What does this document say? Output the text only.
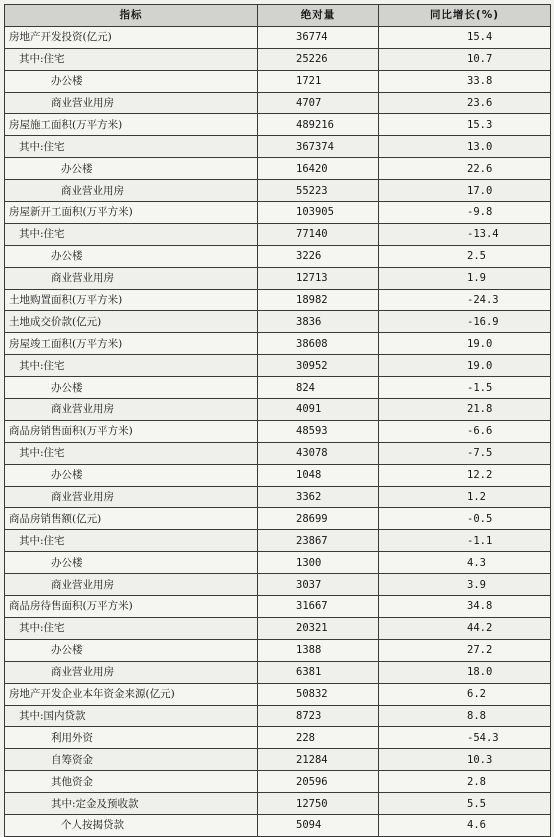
指标	绝对量	同比增长(%)
房地产开发投资(亿元)	36774	15.4
其中:住宅	25226	10.7
办公楼	1721	33.8
商业营业用房	4707	23.6
房屋施工面积(万平方米)	489216	15.3
其中:住宅	367374	13.0
办公楼	16420	22.6
商业营业用房	55223	17.0
房屋新开工面积(万平方米)	103905	-9.8
其中:住宅	77140	-13.4
办公楼	3226	2.5
商业营业用房	12713	1.9
土地购置面积(万平方米)	18982	-24.3
土地成交价款(亿元)	3836	-16.9
房屋竣工面积(万平方米)	38608	19.0
其中:住宅	30952	19.0
办公楼	824	-1.5
商业营业用房	4091	21.8
商品房销售面积(万平方米)	48593	-6.6
其中:住宅	43078	-7.5
办公楼	1048	12.2
商业营业用房	3362	1.2
商品房销售额(亿元)	28699	-0.5
其中:住宅	23867	-1.1
办公楼	1300	4.3
商业营业用房	3037	3.9
商品房待售面积(万平方米)	31667	34.8
其中:住宅	20321	44.2
办公楼	1388	27.2
商业营业用房	6381	18.0
房地产开发企业本年资金来源(亿元)	50832	6.2
其中:国内贷款	8723	8.8
利用外资	228	-54.3
自筹资金	21284	10.3
其他资金	20596	2.8
其中:定金及预收款	12750	5.5
个人按揭贷款	5094	4.6
